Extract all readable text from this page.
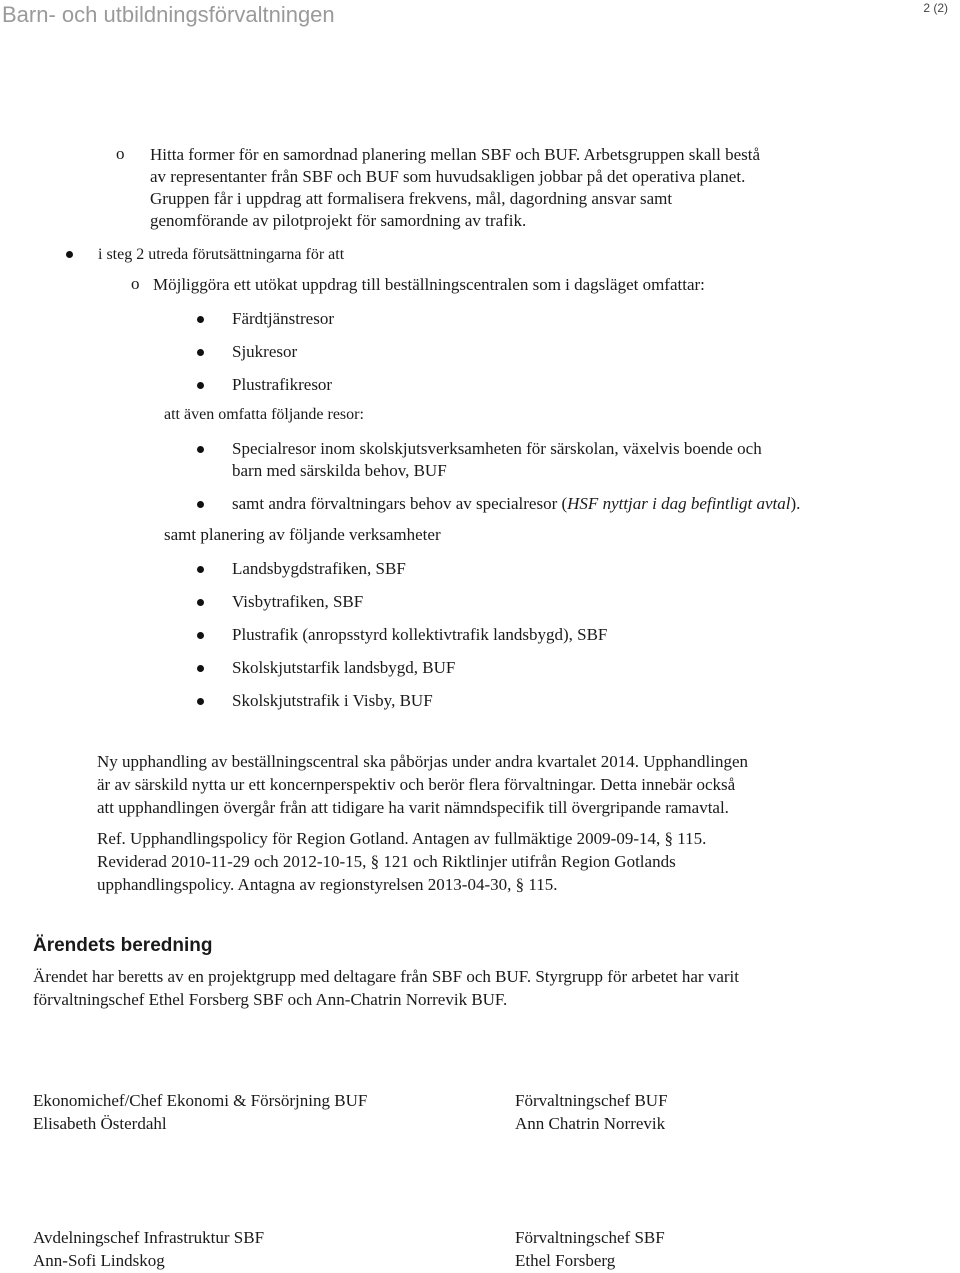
Barn- och utbildningsförvaltningen	2 (2)
o Hitta former för en samordnad planering mellan SBF och BUF. Arbetsgruppen skall bestå
av representanter från SBF och BUF som huvudsakligen jobbar på det operativa planet.
Gruppen får i uppdrag att formalisera frekvens, mål, dagordning ansvar samt
genomförande av pilotprojekt för samordning av trafik.
i steg 2 utreda förutsättningarna för att
o Möjliggöra ett utökat uppdrag till beställningscentralen som i dagsläget omfattar:
Färdtjänstresor
Sjukresor
Plustrafikresor
att även omfatta följande resor:
Specialresor inom skolskjutsverksamheten för särskolan, växelvis boende och
barn med särskilda behov, BUF
samt andra förvaltningars behov av specialresor (HSF nyttjar i dag befintligt avtal).
samt planering av följande verksamheter
Landsbygdstrafiken, SBF
Visbytrafiken, SBF
Plustrafik (anropsstyrd kollektivtrafik landsbygd), SBF
Skolskjutstarfik landsbygd, BUF
Skolskjutstrafik i Visby, BUF
Ny upphandling av beställningscentral ska påbörjas under andra kvartalet 2014. Upphandlingen
är av särskild nytta ur ett koncernperspektiv och berör flera förvaltningar. Detta innebär också
att upphandlingen övergår från att tidigare ha varit nämndspecifik till övergripande ramavtal.
Ref. Upphandlingspolicy för Region Gotland. Antagen av fullmäktige 2009-09-14, § 115.
Reviderad 2010-11-29 och 2012-10-15, § 121 och Riktlinjer utifrån Region Gotlands
upphandlingspolicy. Antagna av regionstyrelsen 2013-04-30, § 115.
Ärendets beredning
Ärendet har beretts av en projektgrupp med deltagare från SBF och BUF. Styrgrupp för arbetet har varit
förvaltningschef Ethel Forsberg SBF och Ann-Chatrin Norrevik BUF.
Ekonomichef/Chef Ekonomi & Försörjning BUF
Elisabeth Österdahl
Förvaltningschef BUF
Ann Chatrin Norrevik
Avdelningschef Infrastruktur SBF
Ann-Sofi Lindskog
Förvaltningschef SBF
Ethel Forsberg
